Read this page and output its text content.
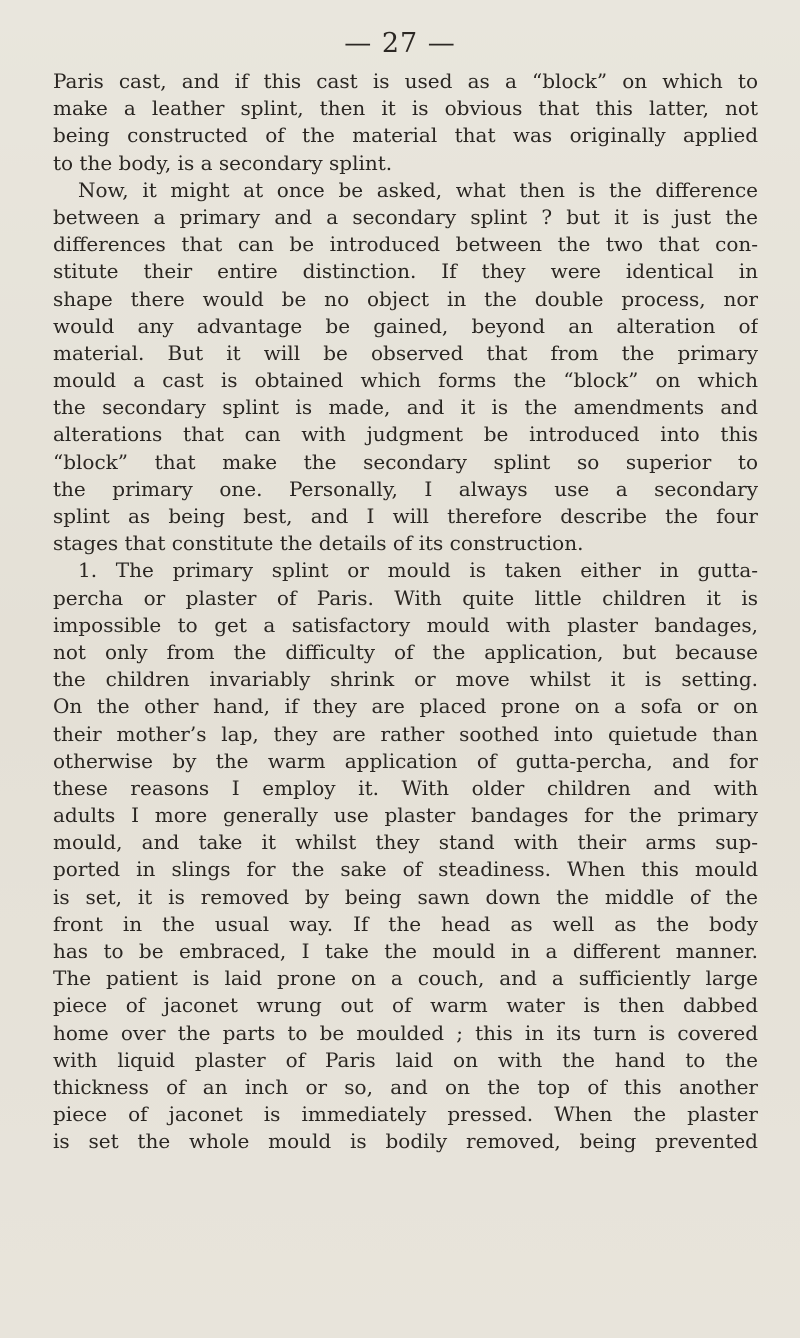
— 27 —
Paris cast, and if this cast is used as a “block” on which to
make a leather splint, then it is obvious that this latter, not
being constructed of the material that was originally applied
to the body, is a secondary splint.
Now, it might at once be asked, what then is the difference
between a primary and a secondary splint ? but it is just the
differences that can be introduced between the two that con-
stitute their entire distinction. If they were identical in
shape there would be no object in the double process, nor
would any advantage be gained, beyond an alteration of
material. But it will be observed that from the primary
mould a cast is obtained which forms the “block” on which
the secondary splint is made, and it is the amendments and
alterations that can with judgment be introduced into this
“block” that make the secondary splint so superior to
the primary one. Personally, I always use a secondary
splint as being best, and I will therefore describe the four
stages that constitute the details of its construction.
1. The primary splint or mould is taken either in gutta-
percha or plaster of Paris. With quite little children it is
impossible to get a satisfactory mould with plaster bandages,
not only from the difficulty of the application, but because
the children invariably shrink or move whilst it is setting.
On the other hand, if they are placed prone on a sofa or on
their mother’s lap, they are rather soothed into quietude than
otherwise by the warm application of gutta-percha, and for
these reasons I employ it. With older children and with
adults I more generally use plaster bandages for the primary
mould, and take it whilst they stand with their arms sup-
ported in slings for the sake of steadiness. When this mould
is set, it is removed by being sawn down the middle of the
front in the usual way. If the head as well as the body
has to be embraced, I take the mould in a different manner.
The patient is laid prone on a couch, and a sufficiently large
piece of jaconet wrung out of warm water is then dabbed
home over the parts to be moulded ; this in its turn is covered
with liquid plaster of Paris laid on with the hand to the
thickness of an inch or so, and on the top of this another
piece of jaconet is immediately pressed. When the plaster
is set the whole mould is bodily removed, being prevented
